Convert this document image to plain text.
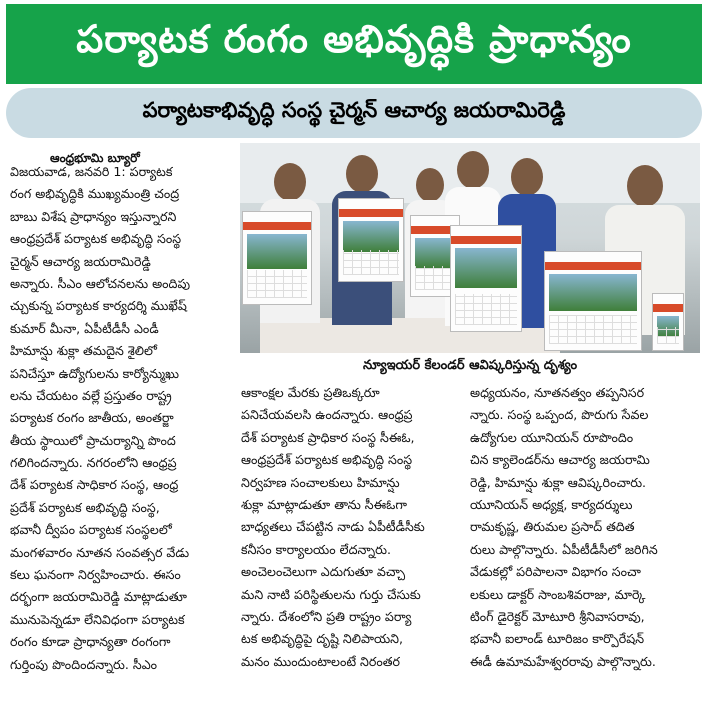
పర్యాటక రంగం అభివృద్ధికి ప్రాధాన్యం
పర్యాటకాభివృద్ధి సంస్థ చైర్మన్ ఆచార్య జయరామిరెడ్డి
ఆంధ్రభూమి బ్యూరో
విజయవాడ, జనవరి 1: పర్యాటక
రంగ అభివృద్ధికి ముఖ్యమంత్రి చంద్ర
బాబు విశేష ప్రాధాన్యం ఇస్తున్నారని
ఆంధ్రప్రదేశ్ పర్యాటక అభివృద్ధి సంస్థ
చైర్మన్ ఆచార్య జయరామిరెడ్డి
అన్నారు. సీఎం ఆలోచనలను అందిపు
చ్చుకున్న పర్యాటక కార్యదర్శి ముఖేష్
కుమార్ మీనా, ఏపీటీడీసీ ఎండీ
హిమాన్షు శుక్లా తమదైన శైలిలో
పనిచేస్తూ ఉద్యోగులను కార్యోన్ముఖు
లను చేయటం వల్లే ప్రస్తుతం రాష్ట్ర
పర్యాటక రంగం జాతీయ, అంతర్జా
తీయ స్థాయిలో ప్రాచుర్యాన్ని పొంద
గలిగిందన్నారు. నగరంలోని ఆంధ్రప్ర
దేశ్ పర్యాటక సాధికార సంస్థ, ఆంధ్ర
ప్రదేశ్ పర్యాటక అభివృద్ధి సంస్థ,
భవానీ ద్వీపం పర్యాటక సంస్థలలో
మంగళవారం నూతన సంవత్సర వేడు
కలు ఘనంగా నిర్వహించారు. ఈసం
దర్భంగా జయరామిరెడ్డి మాట్లాడుతూ
మునుపెన్నడూ లేనివిధంగా పర్యాటక
రంగం కూడా ప్రాధాన్యతా రంగంగా
గుర్తింపు పొందిందన్నారు. సీఎం
న్యూఇయర్ కేలండర్ ఆవిష్కరిస్తున్న దృశ్యం
ఆకాంక్షల మేరకు ప్రతిఒక్కరూ
పనిచేయవలసి ఉందన్నారు. ఆంధ్రప్ర
దేశ్ పర్యాటక ప్రాధికార సంస్థ సీఈఓ,
ఆంధ్రప్రదేశ్ పర్యాటక అభివృద్ధి సంస్థ
నిర్వహణ సంచాలకులు హిమాన్షు
శుక్లా మాట్లాడుతూ తాను సీఈఓగా
బాధ్యతలు చేపట్టిన నాడు ఏపీటీడీసీకు
కనీసం కార్యాలయం లేదన్నారు.
అంచెలంచెలుగా ఎదుగుతూ వచ్చా
మని నాటి పరిస్థితులను గుర్తు చేసుకు
న్నారు. దేశంలోని ప్రతి రాష్ట్రం పర్యా
టక అభివృద్ధిపై దృష్టి నిలిపాయని,
మనం ముందుంటాలంటే నిరంతర
అధ్యయనం, నూతనత్వం తప్పనిసర
న్నారు. సంస్థ ఒప్పంద, పొరుగు సేవల
ఉద్యోగుల యూనియన్ రూపొందిం
చిన క్యాలెండర్‌ను ఆచార్య జయరామి
రెడ్డి, హిమాన్షు శుక్లా ఆవిష్కరించారు.
యూనియన్ అధ్యక్ష, కార్యదర్శులు
రామకృష్ణ, తిరుమల ప్రసాద్ తదిత
రులు పాల్గొన్నారు. ఏపీటీడీసీలో జరిగిన
వేడుకల్లో పరిపాలనా విభాగం సంచా
లకులు డాక్టర్ సాంబశివరాజు, మార్కె
టింగ్ డైరెక్టర్ మోటూరి శ్రీనివాసరావు,
భవానీ ఐలాండ్ టూరిజం కార్పొరేషన్
ఈడీ ఉమామహేశ్వరరావు పాల్గొన్నారు.
